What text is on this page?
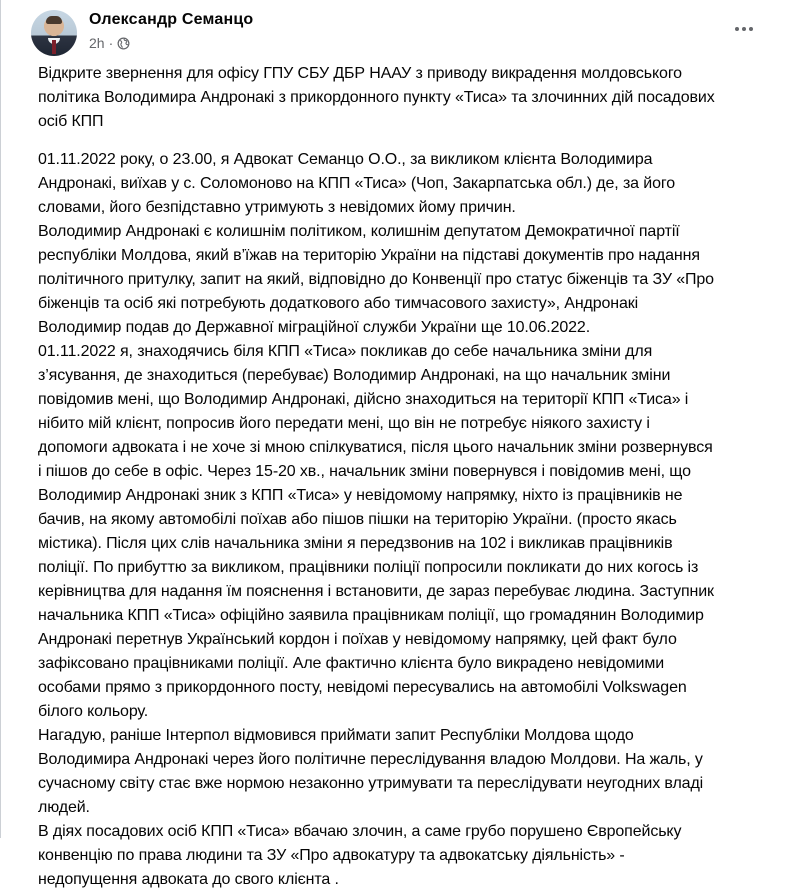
Олександр Семанцо
2h ·

Відкрите звернення для офісу ГПУ СБУ ДБР НААУ з приводу викрадення молдовського
політика Володимира Андронакі з прикордонного пункту «Тиса» та злочинних дій посадових
осіб КПП

01.11.2022 року, о 23.00, я Адвокат Семанцо О.О., за викликом клієнта Володимира
Андронакі, виїхав у с. Соломоново на КПП «Тиса» (Чоп, Закарпатська обл.) де, за його
словами, його безпідставно утримують з невідомих йому причин.
Володимир Андронакі є колишнім політиком, колишнім депутатом Демократичної партії
республіки Молдова, який в’їжав на територію України на підставі документів про надання
політичного притулку, запит на який, відповідно до Конвенції про статус біженців та ЗУ «Про
біженців та осіб які потребують додаткового або тимчасового захисту», Андронакі
Володимир подав до Державної міграційної служби України ще 10.06.2022.
01.11.2022 я, знаходячись біля КПП «Тиса» покликав до себе начальника зміни для
з’ясування, де знаходиться (перебуває) Володимир Андронакі, на що начальник зміни
повідомив мені, що Володимир Андронакі, дійсно знаходиться на території КПП «Тиса» і
нібито мій клієнт, попросив його передати мені, що він не потребує ніякого захисту і
допомоги адвоката і не хоче зі мною спілкуватися, після цього начальник зміни розвернувся
і пішов до себе в офіс. Через 15-20 хв., начальник зміни повернувся і повідомив мені, що
Володимир Андронакі зник з КПП «Тиса» у невідомому напрямку, ніхто із працівників не
бачив, на якому автомобілі поїхав або пішов пішки на територію України. (просто якась
містика). Після цих слів начальника зміни я передзвонив на 102 і викликав працівників
поліції. По прибуттю за викликом, працівники поліції попросили покликати до них когось із
керівництва для надання їм пояснення і встановити, де зараз перебуває людина. Заступник
начальника КПП «Тиса» офіційно заявила працівникам поліції, що громадянин Володимир
Андронакі перетнув Український кордон і поїхав у невідомому напрямку, цей факт було
зафіксовано працівниками поліції. Але фактично клієнта було викрадено невідомими
особами прямо з прикордонного посту, невідомі пересувались на автомобілі Volkswagen
білого кольору.
Нагадую, раніше Інтерпол відмовився приймати запит Республіки Молдова щодо
Володимира Андронакі через його політичне переслідування владою Молдови. На жаль, у
сучасному світу стає вже нормою незаконно утримувати та переслідувати неугодних владі
людей.
В діях посадових осіб КПП «Тиса» вбачаю злочин, а саме грубо порушено Європейську
конвенцію по права людини та ЗУ «Про адвокатуру та адвокатську діяльність» -
недопущення адвоката до свого клієнта .
